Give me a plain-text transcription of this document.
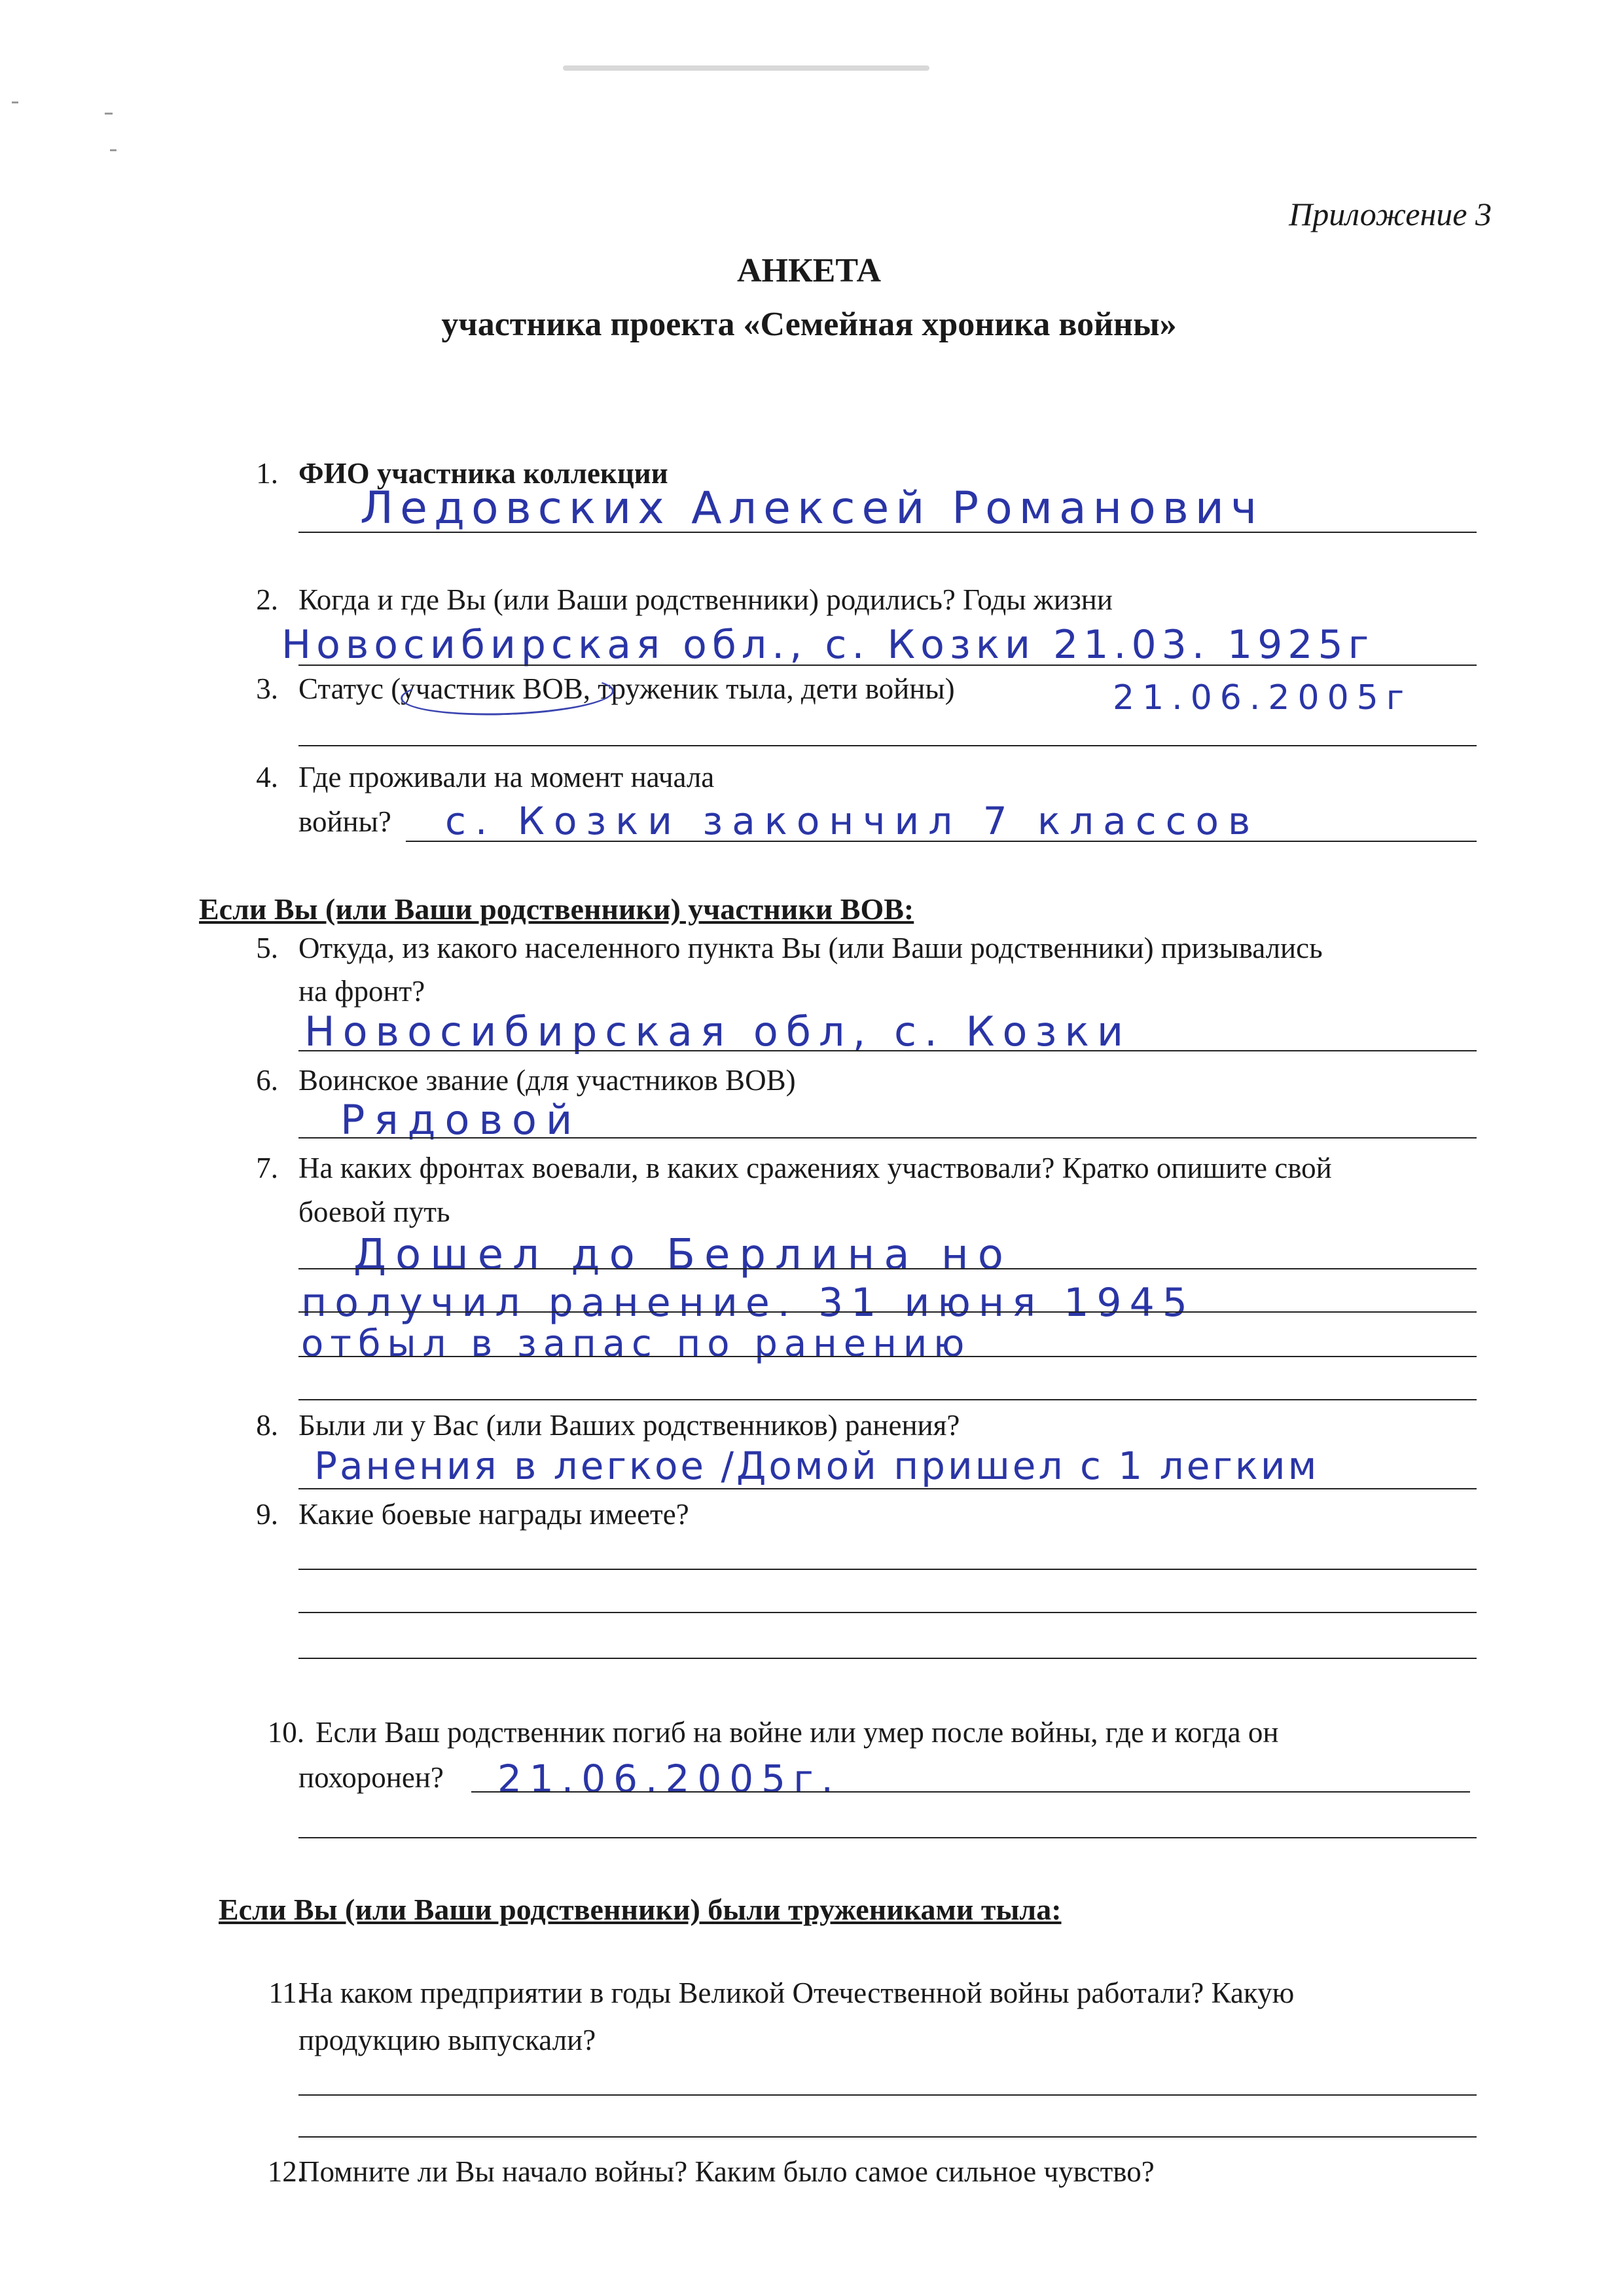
Приложение 3
АНКЕТА
участника проекта «Семейная хроника войны»
1. ФИО участника коллекции
Ледовских Алексей Романович
2. Когда и где Вы (или Ваши родственники) родились? Годы жизни
Новосибирская обл., с. Козки 21.03. 1925г
3. Статус (участник ВОВ, труженик тыла, дети войны)	21.06.2005г
4. Где проживали на момент начала
войны? с. Козки закончил 7 классов
Если Вы (или Ваши родственники) участники ВОВ:
5. Откуда, из какого населенного пункта Вы (или Ваши родственники) призывались
на фронт?
Новосибирская обл, с. Козки
6. Воинское звание (для участников ВОВ)
Рядовой
7. На каких фронтах воевали, в каких сражениях участвовали? Кратко опишите свой
боевой путь
Дошел до Берлина но
получил ранение. 31 июня 1945
отбыл в запас по ранению
8. Были ли у Вас (или Ваших родственников) ранения?
Ранения в легкое /Домой пришел с 1 легким
9. Какие боевые награды имеете?
10. Если Ваш родственник погиб на войне или умер после войны, где и когда он
похоронен? 21.06.2005г.
Если Вы (или Ваши родственники) были тружениками тыла:
11.
На каком предприятии в годы Великой Отечественной войны работали? Какую
продукцию выпускали?
12.
Помните ли Вы начало войны? Каким было самое сильное чувство?
